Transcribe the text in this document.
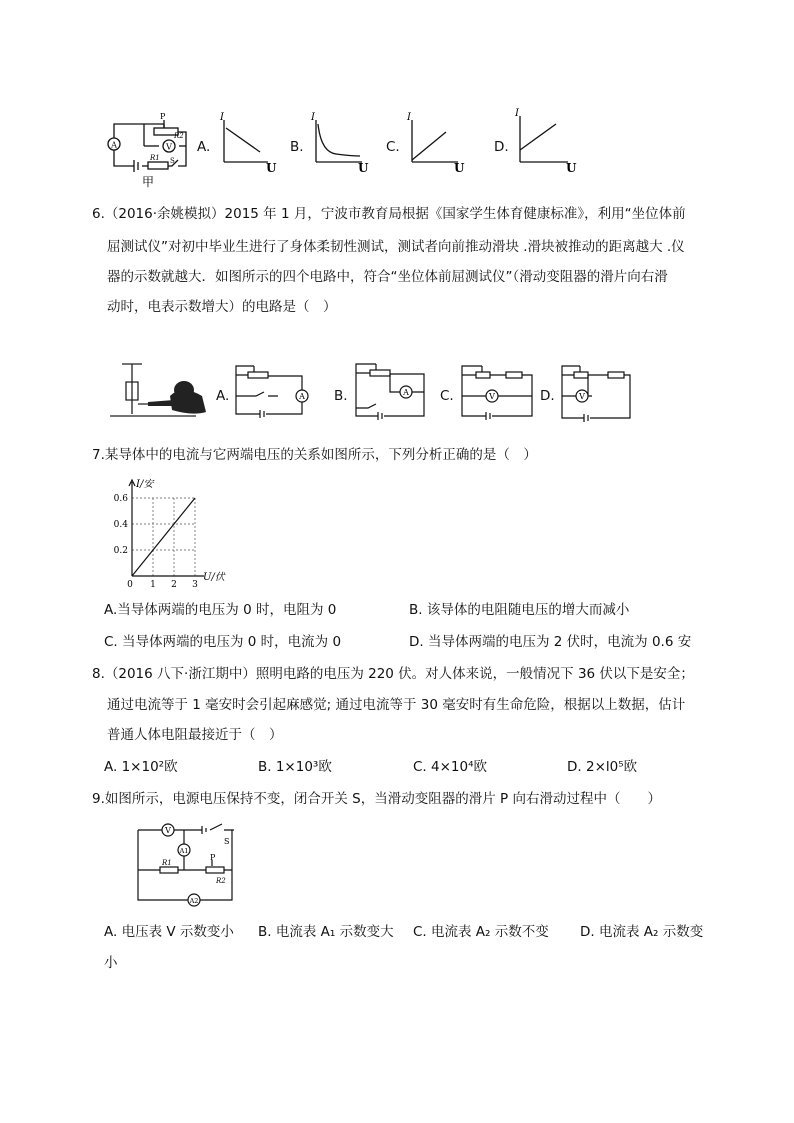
A	V
P
R2
R1 S
甲
A.
I
U
B.
I
U
C.
I
U
D.
I
U
6.（2016·余姚模拟）2015 年 1 月，宁波市教育局根据《国家学生体育健康标准》，利用“坐位体前
屈测试仪”对初中毕业生进行了身体柔韧性测试，测试者向前推动滑块 .滑块被推动的距离越大 .仪
器的示数就越大．如图所示的四个电路中，符合“坐位体前屈测试仪”（滑动变阻器的滑片向右滑
动时，电表示数增大）的电路是（　）
A.	A B.	A C.	V	D.	V
7.某导体中的电流与它两端电压的关系如图所示，下列分析正确的是（　）
0 1 2 3
0.2
0.4
0.6
I/安
U/伏
A.当导体两端的电压为 0 时，电阻为 0	B. 该导体的电阻随电压的增大而减小
C. 当导体两端的电压为 0 时，电流为 0	D. 当导体两端的电压为 2 伏时，电流为 0.6 安
8.（2016 八下·浙江期中）照明电路的电压为 220 伏。对人体来说，一般情况下 36 伏以下是安全；
通过电流等于 1 毫安时会引起麻感觉; 通过电流等于 30 毫安时有生命危险，根据以上数据，估计
普通人体电阻最接近于（　）
A. 1×10²欧	B. 1×10³欧	C. 4×10⁴欧	D. 2×l0⁵欧
9.如图所示，电源电压保持不变，闭合开关 S，当滑动变阻器的滑片 P 向右滑动过程中（　　）
V
A1
A2
S
P
R1
R2
A. 电压表 V 示数变小 B. 电流表 A₁ 示数变大 C. 电流表 A₂ 示数不变 D. 电流表 A₂ 示数变
小
